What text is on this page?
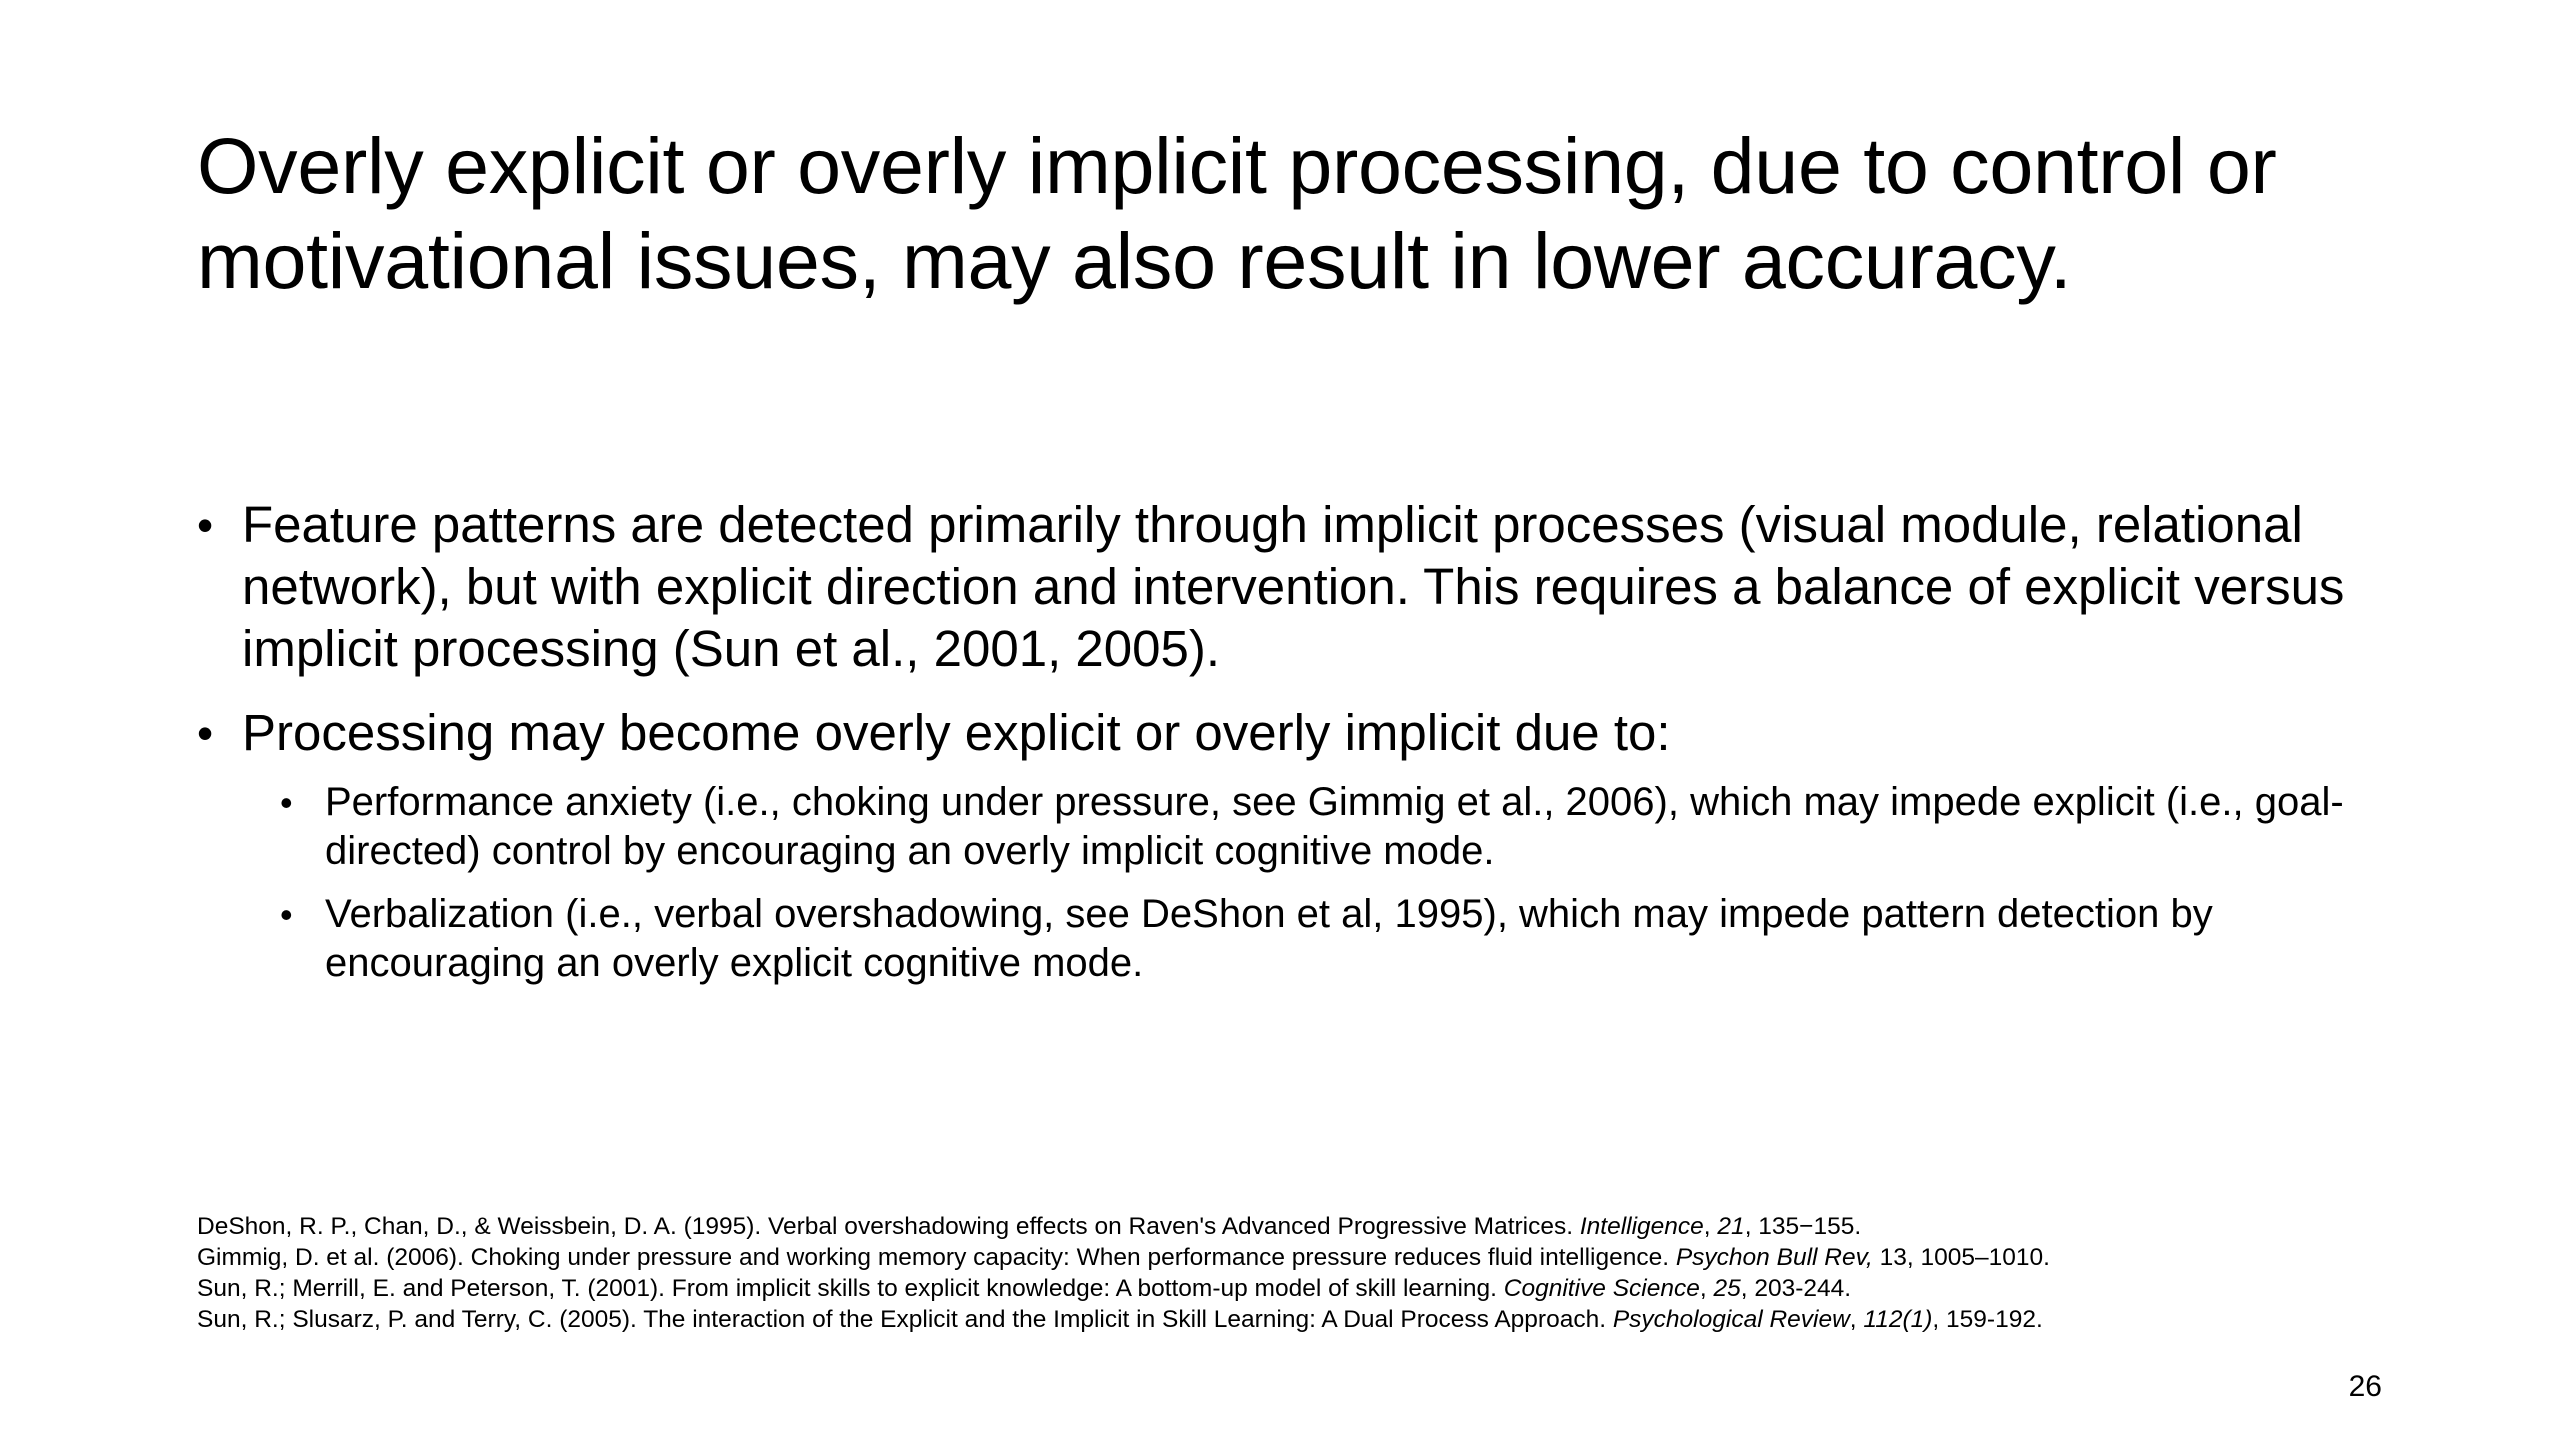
Overly explicit or overly implicit processing, due to control or motivational issues, may also result in lower accuracy.
• Feature patterns are detected primarily through implicit processes (visual module, relational network), but with explicit direction and intervention. This requires a balance of explicit versus implicit processing (Sun et al., 2001, 2005).
• Processing may become overly explicit or overly implicit due to:
• Performance anxiety (i.e., choking under pressure, see Gimmig et al., 2006), which may impede explicit (i.e., goal-directed) control by encouraging an overly implicit cognitive mode.
• Verbalization (i.e., verbal overshadowing, see DeShon et al, 1995), which may impede pattern detection by encouraging an overly explicit cognitive mode.
DeShon, R. P., Chan, D., & Weissbein, D. A. (1995). Verbal overshadowing effects on Raven's Advanced Progressive Matrices. Intelligence, 21, 135−155.
Gimmig, D. et al. (2006). Choking under pressure and working memory capacity: When performance pressure reduces fluid intelligence. Psychon Bull Rev, 13, 1005–1010.
Sun, R.; Merrill, E. and Peterson, T. (2001). From implicit skills to explicit knowledge: A bottom-up model of skill learning. Cognitive Science, 25, 203-244.
Sun, R.; Slusarz, P. and Terry, C. (2005). The interaction of the Explicit and the Implicit in Skill Learning: A Dual Process Approach. Psychological Review, 112(1), 159-192.
26
